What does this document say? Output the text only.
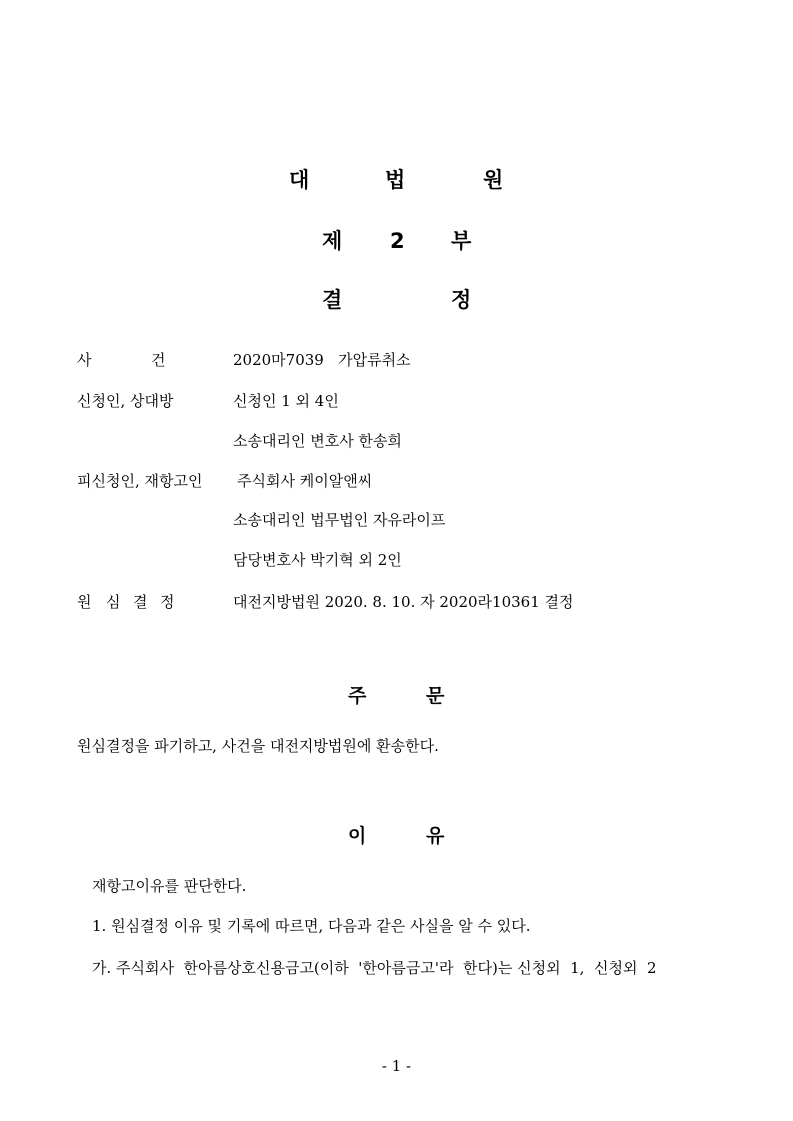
대	법	원
제 2 부
결	정
사	건	2020마7039   가압류취소
신청인, 상대방	신청인 1 외 4인
소송대리인 변호사 한송희
피신청인, 재항고인 주식회사 케이알앤씨
소송대리인 법무법인 자유라이프
담당변호사 박기혁 외 2인
원 심 결 정	대전지방법원 2020. 8. 10. 자 2020라10361 결정
주	문
원심결정을 파기하고, 사건을 대전지방법원에 환송한다.
이	유
재항고이유를 판단한다.
1. 원심결정 이유 및 기록에 따르면, 다음과 같은 사실을 알 수 있다.
가. 주식회사  한아름상호신용금고(이하  '한아름금고'라  한다)는 신청외  1,  신청외  2
- 1 -
